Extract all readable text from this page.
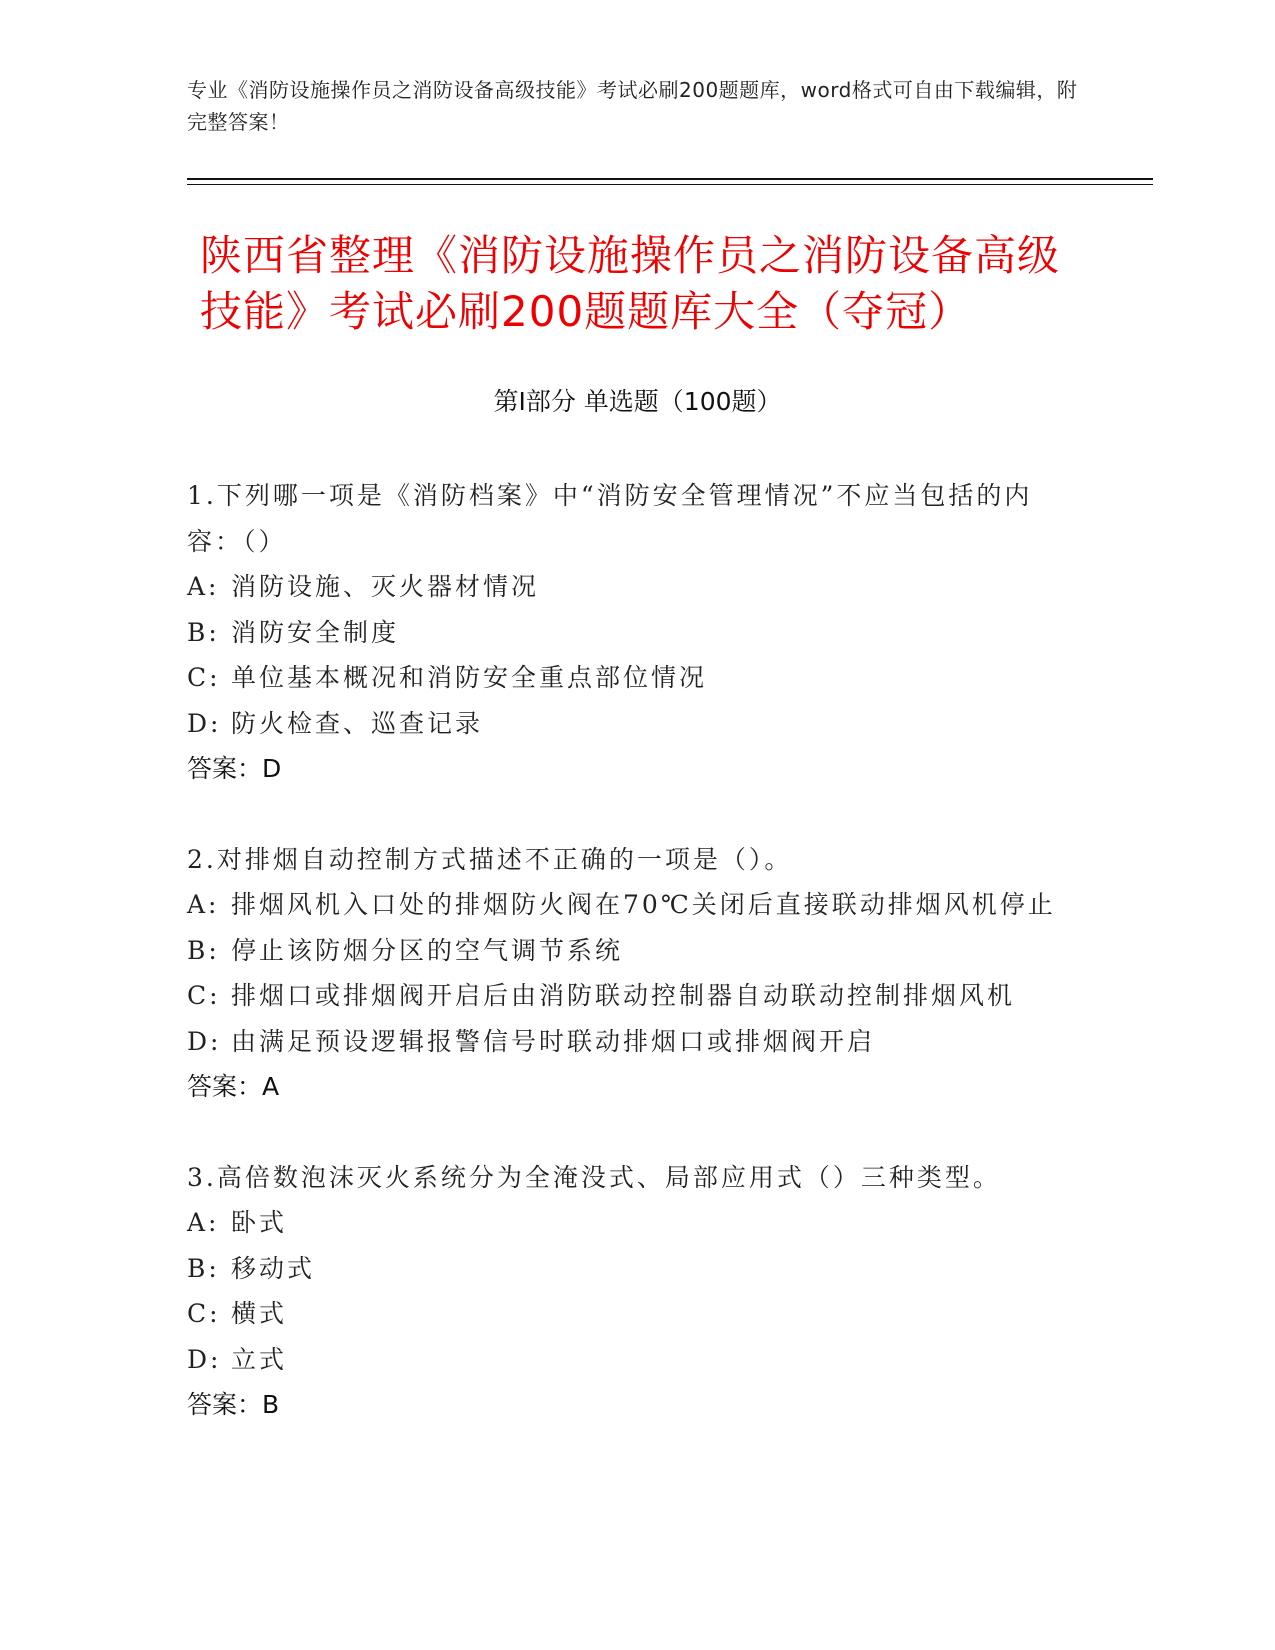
专业《消防设施操作员之消防设备高级技能》考试必刷200题题库，word格式可自由下载编辑，附完整答案！
陕西省整理《消防设施操作员之消防设备高级技能》考试必刷200题题库大全（夺冠）
第I部分 单选题（100题）
1.下列哪一项是《消防档案》中“消防安全管理情况”不应当包括的内容：（）
A: 消防设施、灭火器材情况
B: 消防安全制度
C: 单位基本概况和消防安全重点部位情况
D: 防火检查、巡查记录
答案：D
2.对排烟自动控制方式描述不正确的一项是（）。
A: 排烟风机入口处的排烟防火阀在70℃关闭后直接联动排烟风机停止
B: 停止该防烟分区的空气调节系统
C: 排烟口或排烟阀开启后由消防联动控制器自动联动控制排烟风机
D: 由满足预设逻辑报警信号时联动排烟口或排烟阀开启
答案：A
3.高倍数泡沫灭火系统分为全淹没式、局部应用式（）三种类型。
A: 卧式
B: 移动式
C: 横式
D: 立式
答案：B
